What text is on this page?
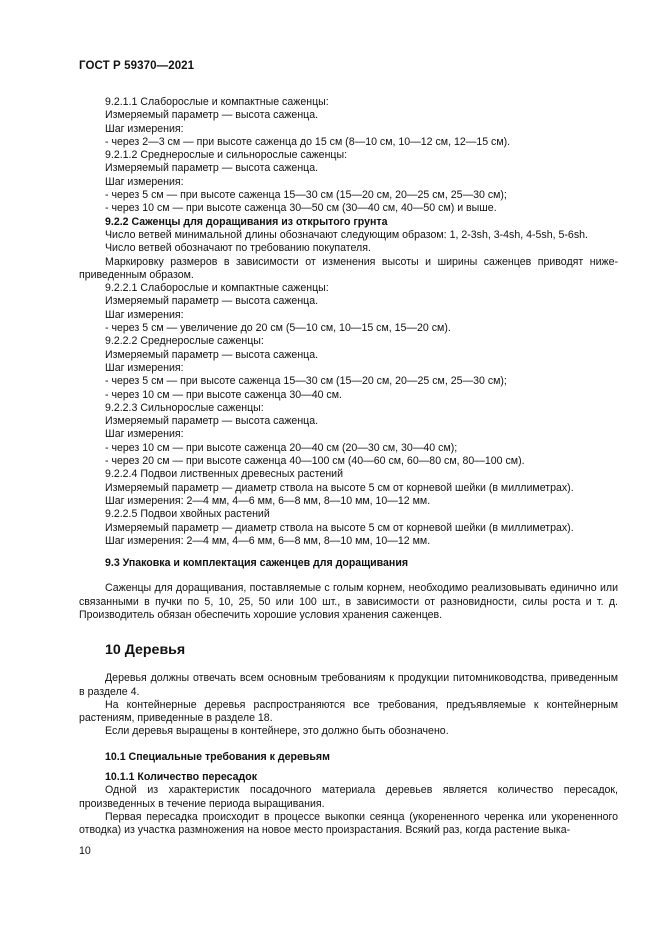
ГОСТ Р 59370—2021

9.2.1.1 Слаборослые и компактные саженцы:

Измеряемый параметр — высота саженца.

Шаг измерения:

- через 2—3 см — при высоте саженца до 15 см (8—10 см, 10—12 см, 12—15 см).

9.2.1.2 Среднерослые и сильнорослые саженцы:

Измеряемый параметр — высота саженца.

Шаг измерения:

- через 5 см — при высоте саженца 15—30 см (15—20 см, 20—25 см, 25—30 см);

- через 10 см — при высоте саженца 30—50 см (30—40 см, 40—50 см) и выше.

9.2.2 Саженцы для доращивания из открытого грунта

Число ветвей минимальной длины обозначают следующим образом: 1, 2-3sh, 3-4sh, 4-5sh, 5-6sh.

Число ветвей обозначают по требованию покупателя.

Маркировку размеров в зависимости от изменения высоты и ширины саженцев приводят ниже-приведенным образом.

9.2.2.1 Слаборослые и компактные саженцы:

Измеряемый параметр — высота саженца.

Шаг измерения:

- через 5 см — увеличение до 20 см (5—10 см, 10—15 см, 15—20 см).

9.2.2.2 Среднерослые саженцы:

Измеряемый параметр — высота саженца.

Шаг измерения:

- через 5 см — при высоте саженца 15—30 см (15—20 см, 20—25 см, 25—30 см);

- через 10 см — при высоте саженца 30—40 см.

9.2.2.3 Сильнорослые саженцы:

Измеряемый параметр — высота саженца.

Шаг измерения:

- через 10 см — при высоте саженца 20—40 см (20—30 см, 30—40 см);

- через 20 см — при высоте саженца 40—100 см (40—60 см, 60—80 см, 80—100 см).

9.2.2.4 Подвои лиственных древесных растений

Измеряемый параметр — диаметр ствола на высоте 5 см от корневой шейки (в миллиметрах).

Шаг измерения: 2—4 мм, 4—6 мм, 6—8 мм, 8—10 мм, 10—12 мм.

9.2.2.5 Подвои хвойных растений

Измеряемый параметр — диаметр ствола на высоте 5 см от корневой шейки (в миллиметрах).

Шаг измерения: 2—4 мм, 4—6 мм, 6—8 мм, 8—10 мм, 10—12 мм.

9.3 Упаковка и комплектация саженцев для доращивания

Саженцы для доращивания, поставляемые с голым корнем, необходимо реализовывать единично или связанными в пучки по 5, 10, 25, 50 или 100 шт., в зависимости от разновидности, силы роста и т. д. Производитель обязан обеспечить хорошие условия хранения саженцев.

10 Деревья

Деревья должны отвечать всем основным требованиям к продукции питомниководства, приведенным в разделе 4.

На контейнерные деревья распространяются все требования, предъявляемые к контейнерным растениям, приведенные в разделе 18.

Если деревья выращены в контейнере, это должно быть обозначено.

10.1 Специальные требования к деревьям

10.1.1 Количество пересадок

Одной из характеристик посадочного материала деревьев является количество пересадок, произведенных в течение периода выращивания.

Первая пересадка происходит в процессе выкопки сеянца (укорененного черенка или укорененного отводка) из участка размножения на новое место произрастания. Всякий раз, когда растение выка-

10
